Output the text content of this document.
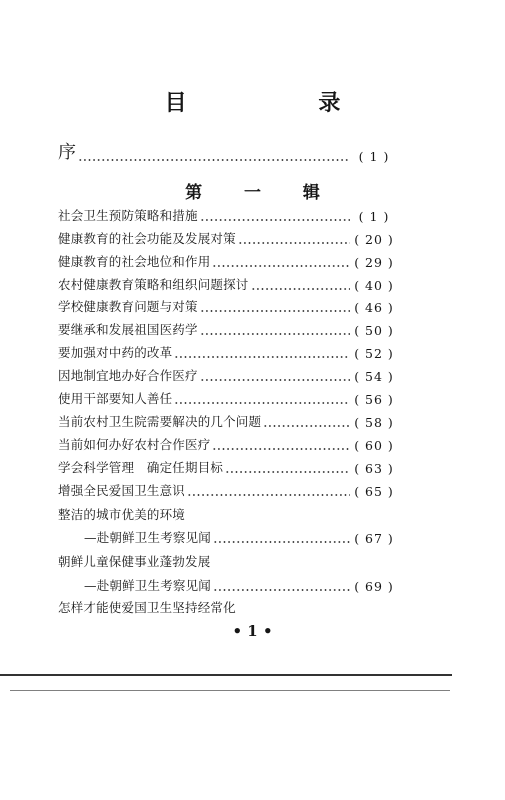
目 录
序	( 1 )
第 一 辑
社会卫生预防策略和措施	( 1 )
健康教育的社会功能及发展对策	( 20 )
健康教育的社会地位和作用	( 29 )
农村健康教育策略和组织问题探讨	( 40 )
学校健康教育问题与对策	( 46 )
要继承和发展祖国医药学	( 50 )
要加强对中药的改革	( 52 )
因地制宜地办好合作医疗	( 54 )
使用干部要知人善任	( 56 )
当前农村卫生院需要解决的几个问题	( 58 )
当前如何办好农村合作医疗	( 60 )
学会科学管理　确定任期目标	( 63 )
增强全民爱国卫生意识	( 65 )
整洁的城市优美的环境
—赴朝鲜卫生考察见闻	( 67 )
朝鲜儿童保健事业蓬勃发展
—赴朝鲜卫生考察见闻	( 69 )
怎样才能使爱国卫生坚持经常化
• 1 •
